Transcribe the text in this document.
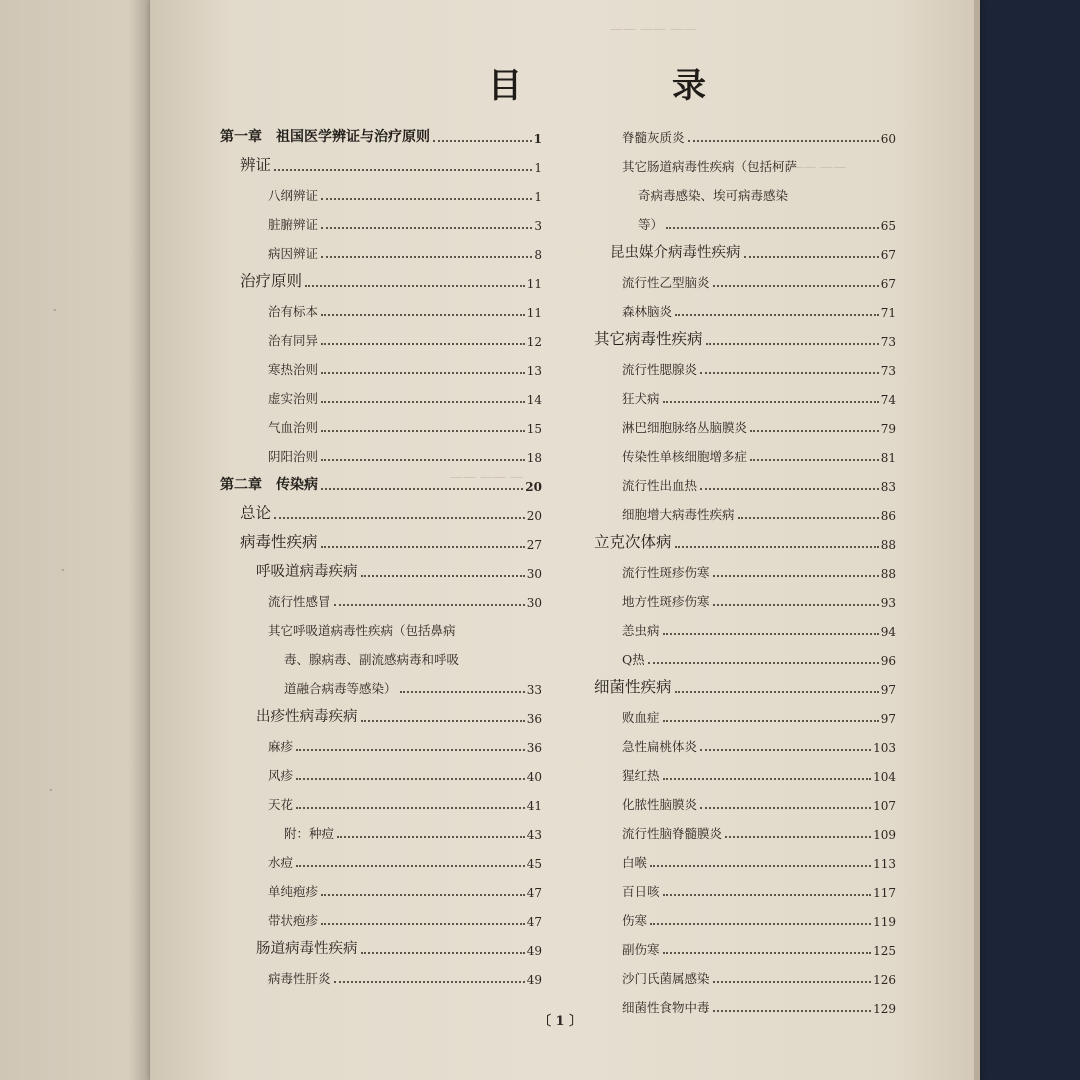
·
·
·
—— —— ——
—— ——
—— —— —
目　录
第一章　祖国医学辨证与治疗原则	1
辨证	1
八纲辨证	1
脏腑辨证	3
病因辨证	8
治疗原则	11
治有标本	11
治有同异	12
寒热治则	13
虚实治则	14
气血治则	15
阴阳治则	18
第二章　传染病	20
总论	20
病毒性疾病	27
呼吸道病毒疾病	30
流行性感冒	30
其它呼吸道病毒性疾病（包括鼻病
毒、腺病毒、副流感病毒和呼吸
道融合病毒等感染）	33
出疹性病毒疾病	36
麻疹	36
风疹	40
天花	41
附：种痘	43
水痘	45
单纯疱疹	47
带状疱疹	47
肠道病毒性疾病	49
病毒性肝炎	49
脊髓灰质炎	60
其它肠道病毒性疾病（包括柯萨
奇病毒感染、埃可病毒感染
等）	65
昆虫媒介病毒性疾病	67
流行性乙型脑炎	67
森林脑炎	71
其它病毒性疾病	73
流行性腮腺炎	73
狂犬病	74
淋巴细胞脉络丛脑膜炎	79
传染性单核细胞增多症	81
流行性出血热	83
细胞增大病毒性疾病	86
立克次体病	88
流行性斑疹伤寒	88
地方性斑疹伤寒	93
恙虫病	94
Q热	96
细菌性疾病	97
败血症	97
急性扁桃体炎	103
猩红热	104
化脓性脑膜炎	107
流行性脑脊髓膜炎	109
白喉	113
百日咳	117
伤寒	119
副伤寒	125
沙门氏菌属感染	126
细菌性食物中毒	129
〔 1 〕
